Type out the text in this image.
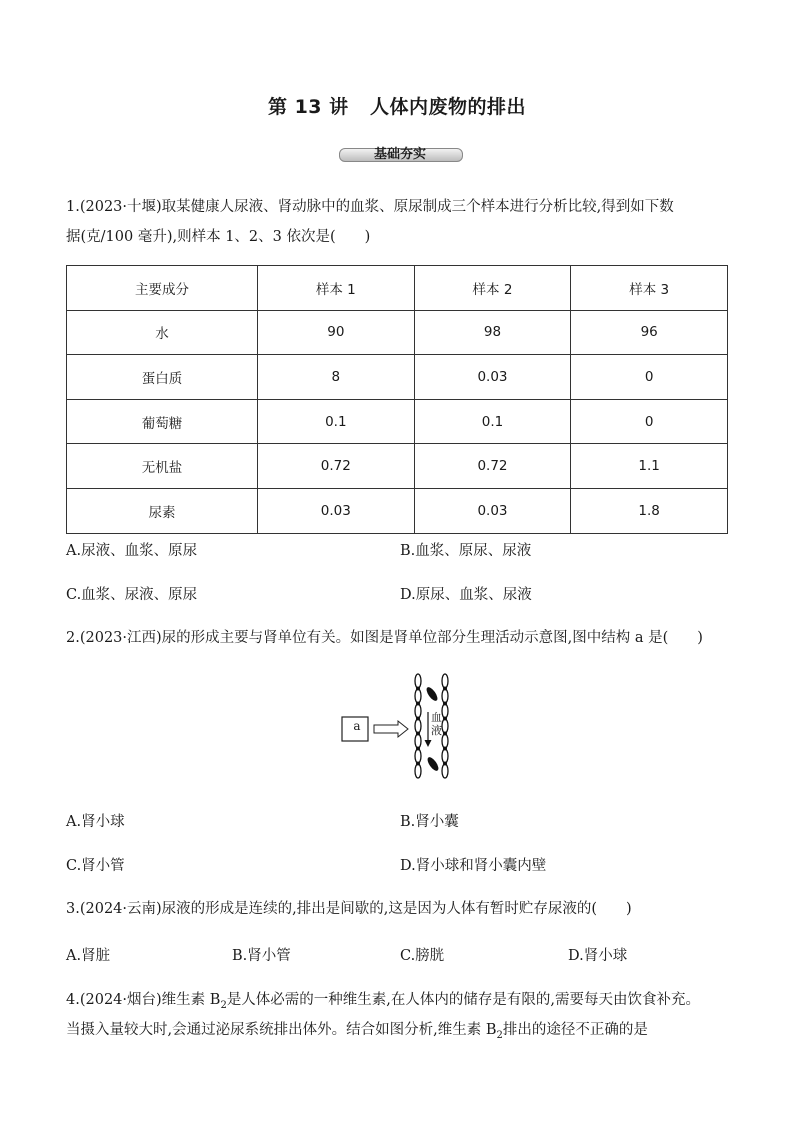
第 13 讲 人体内废物的排出
基础夯实
1.(2023·十堰)取某健康人尿液、肾动脉中的血浆、原尿制成三个样本进行分析比较,得到如下数
据(克/100 毫升),则样本 1、2、3 依次是(　　)
主要成分	样本 1	样本 2	样本 3
水	90	98	96
蛋白质	8	0.03	0
葡萄糖	0.1	0.1	0
无机盐	0.72	0.72	1.1
尿素	0.03	0.03	1.8
A.尿液、血浆、原尿	B.血浆、原尿、尿液
C.血浆、尿液、原尿	D.原尿、血浆、尿液
2.(2023·江西)尿的形成主要与肾单位有关。如图是肾单位部分生理活动示意图,图中结构 a 是(　　)
a
血
液
A.肾小球	B.肾小囊
C.肾小管	D.肾小球和肾小囊内壁
3.(2024·云南)尿液的形成是连续的,排出是间歇的,这是因为人体有暂时贮存尿液的(　　)
A.肾脏	B.肾小管	C.膀胱	D.肾小球
4.(2024·烟台)维生素 $B_2$是人体必需的一种维生素,在人体内的储存是有限的,需要每天由饮食补充。
当摄入量较大时,会通过泌尿系统排出体外。结合如图分析,维生素 $B_2$排出的途径不正确的是
